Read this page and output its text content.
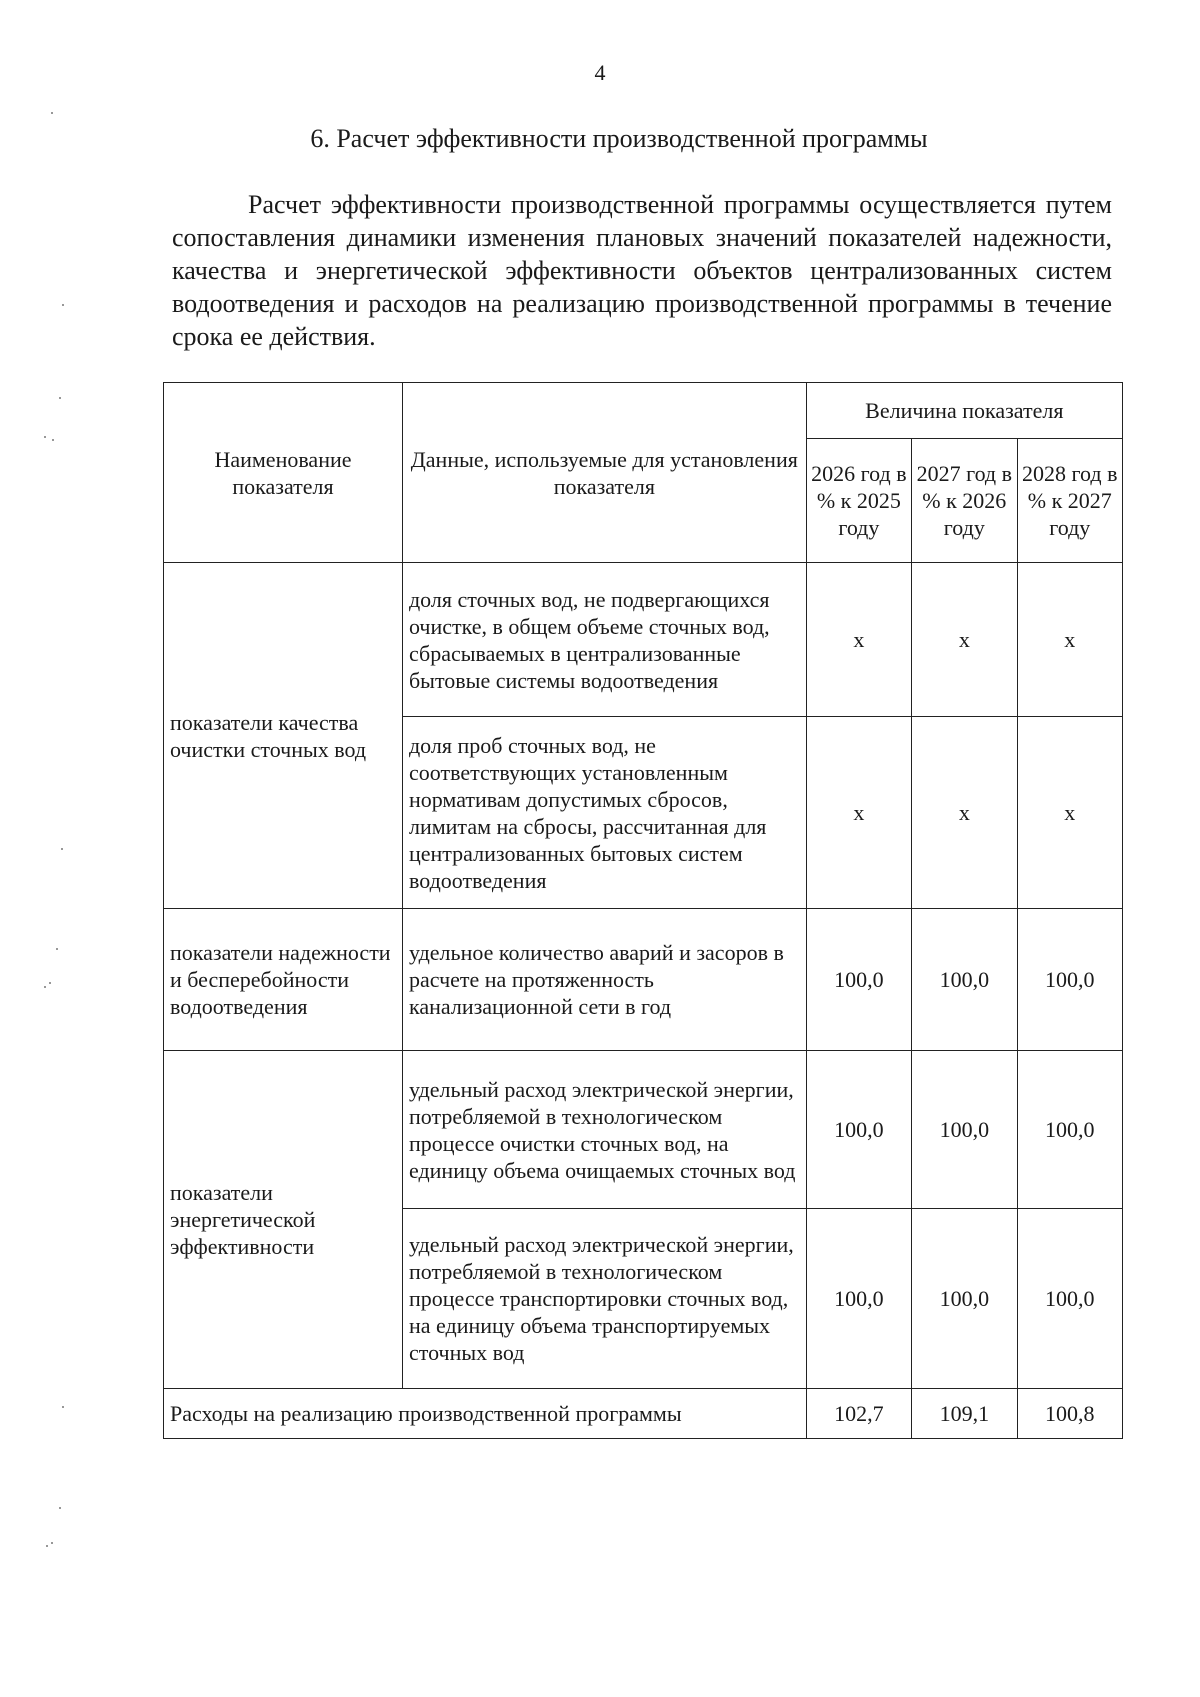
4
6. Расчет эффективности производственной программы

Расчет эффективности производственной программы осуществляется путем сопоставления динамики изменения плановых значений показателей надежности, качества и энергетической эффективности объектов централизованных систем водоотведения и расходов на реализацию производственной программы в течение срока ее действия.

Наименование показателя	Данные, используемые для установления показателя	Величина показателя		
		2026 год в % к 2025 году	2027 год в % к 2026 году	2028 год в % к 2027 году
показатели качества очистки сточных вод	доля сточных вод, не подвергающихся очистке, в общем объеме сточных вод, сбрасываемых в централизованные бытовые системы водоотведения	х	х	х
	доля проб сточных вод, не соответствующих установленным нормативам допустимых сбросов, лимитам на сбросы, рассчитанная для централизованных бытовых систем водоотведения	х	х	х
показатели надежности и бесперебойности водоотведения	удельное количество аварий и засоров в расчете на протяженность канализационной сети в год	100,0	100,0	100,0
показатели энергетической эффективности	удельный расход электрической энергии, потребляемой в технологическом процессе очистки сточных вод, на единицу объема очищаемых сточных вод	100,0	100,0	100,0
	удельный расход электрической энергии, потребляемой в технологическом процессе транспортировки сточных вод, на единицу объема транспортируемых сточных вод	100,0	100,0	100,0
Расходы на реализацию производственной программы		102,7	109,1	100,8
